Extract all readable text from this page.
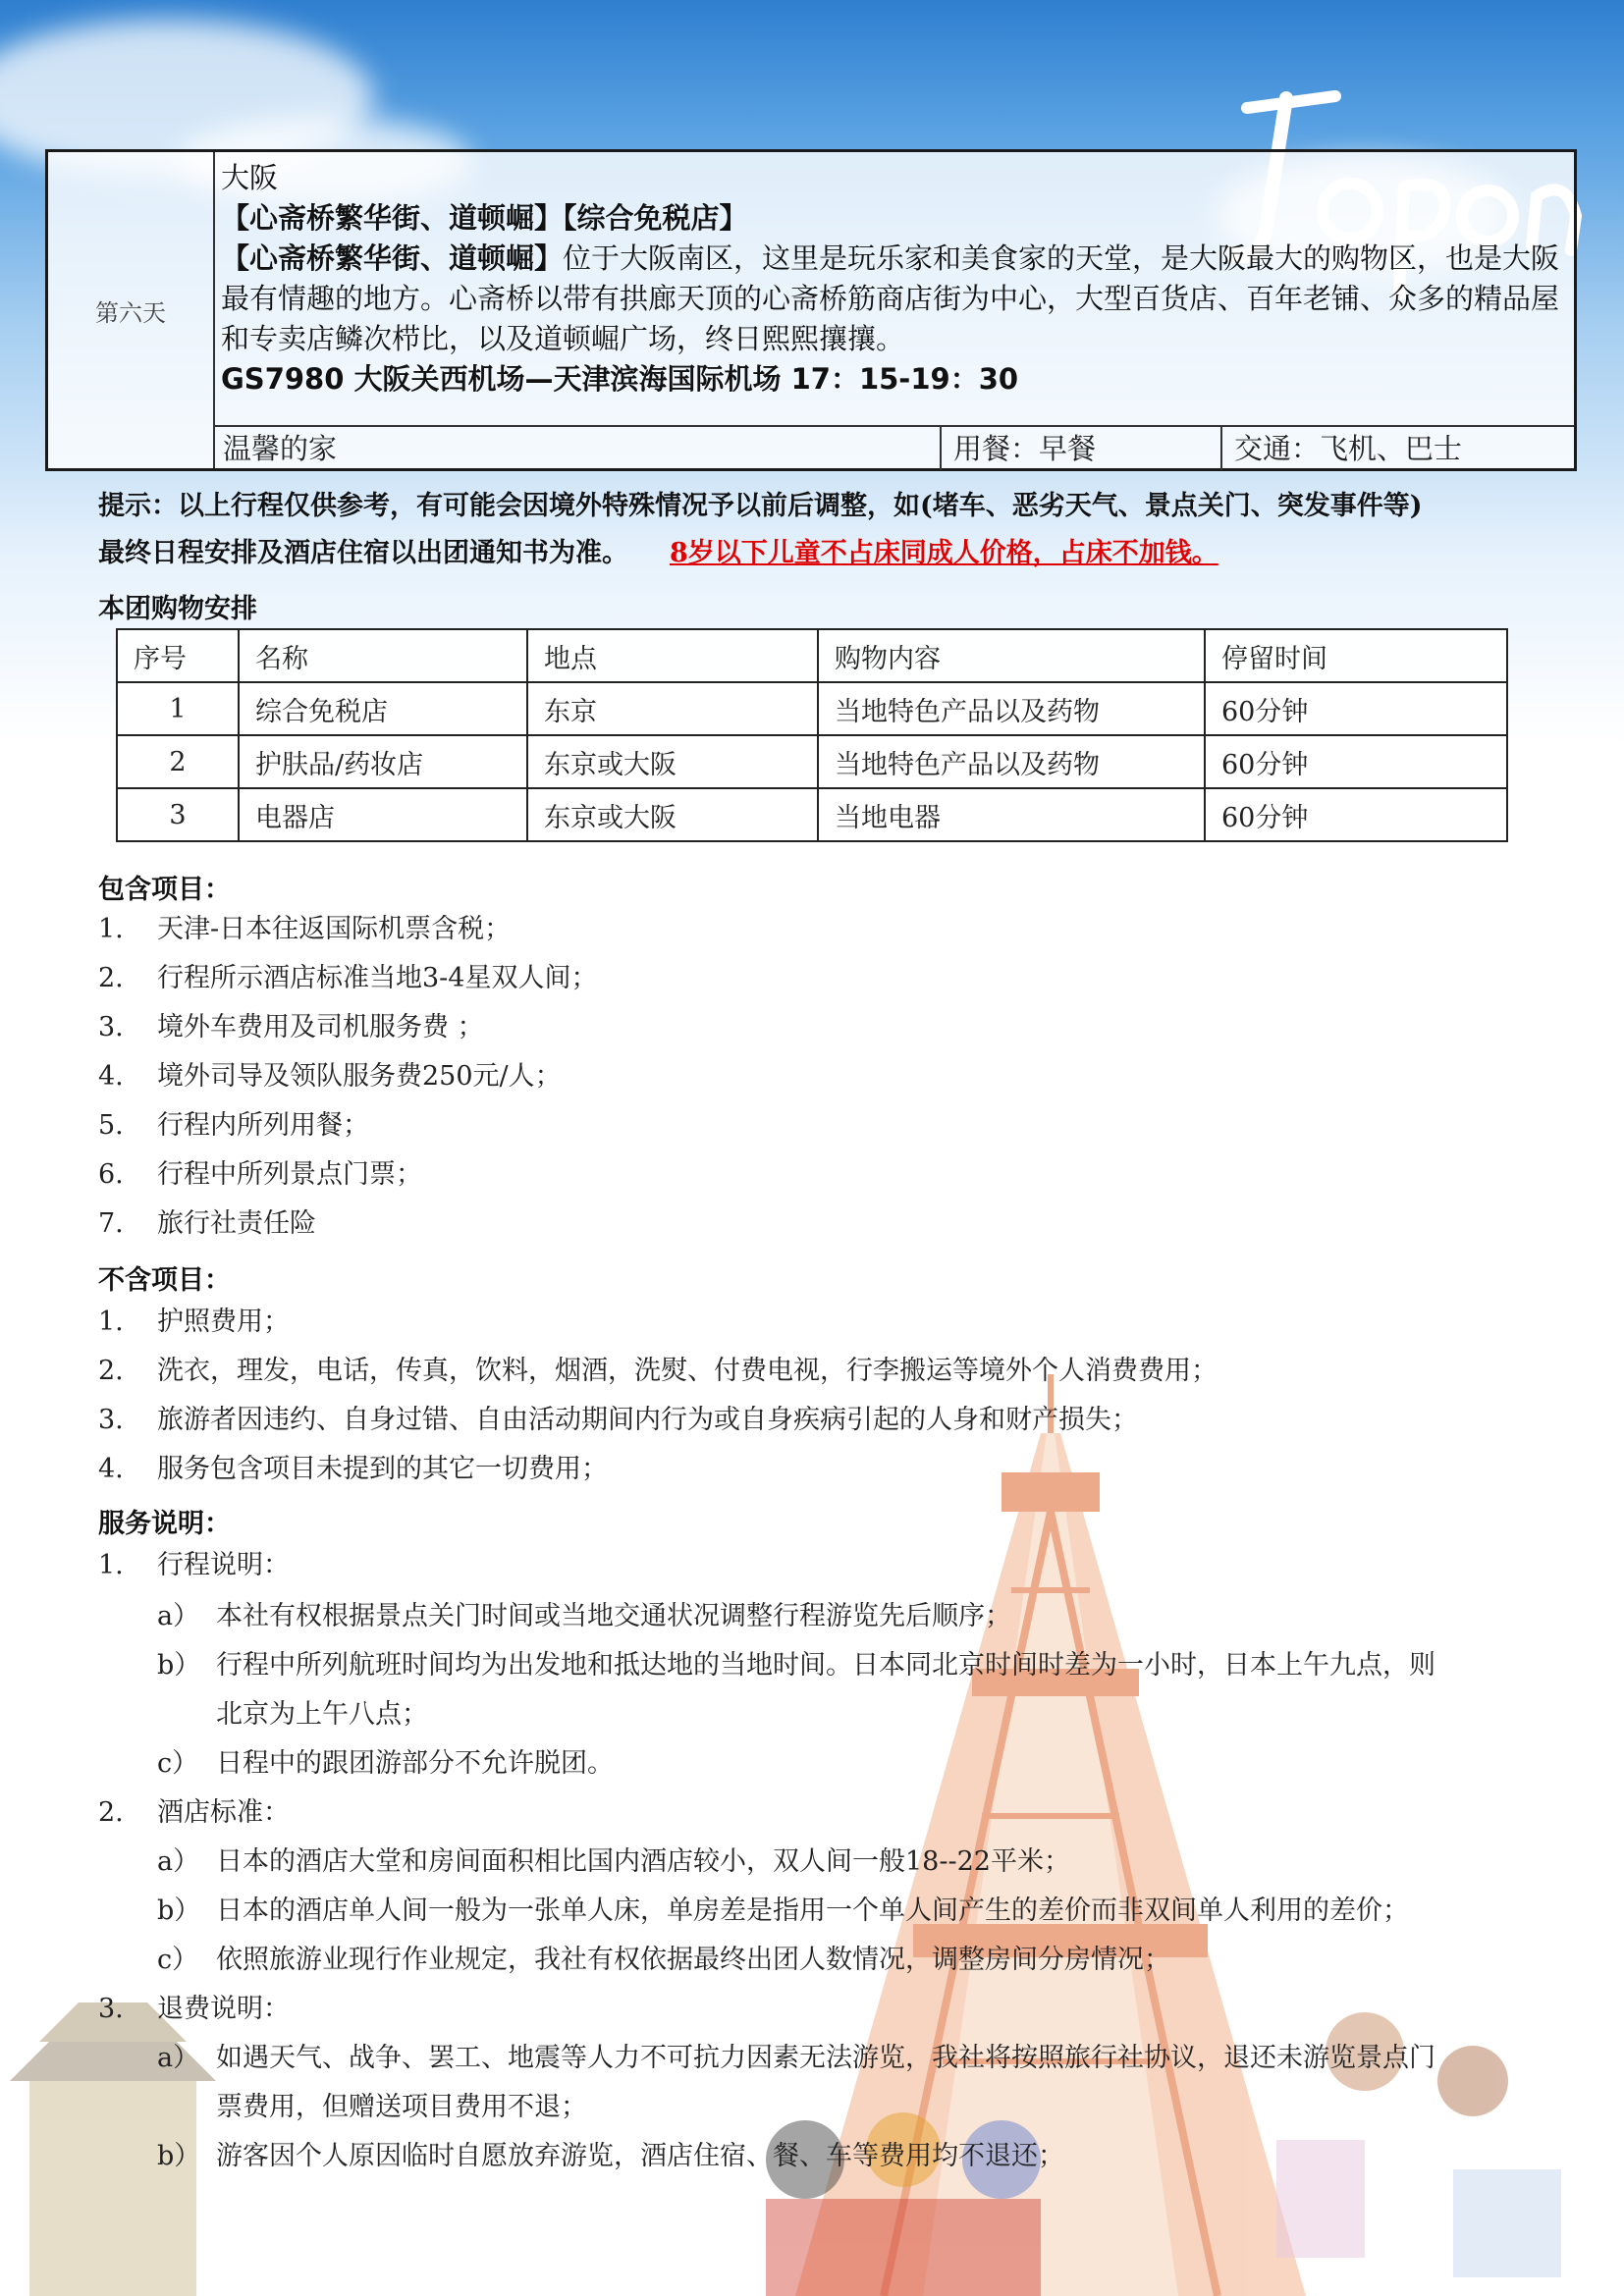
第六天
大阪
【心斋桥繁华街、道顿崛】【综合免税店】
【心斋桥繁华街、道顿崛】位于大阪南区，这里是玩乐家和美食家的天堂，是大阪最大的购物区，也是大阪
最有情趣的地方。心斋桥以带有拱廊天顶的心斋桥筋商店街为中心，大型百货店、百年老铺、众多的精品屋
和专卖店鳞次栉比，以及道顿崛广场，终日熙熙攘攘。
GS7980 大阪关西机场—天津滨海国际机场 17：15-19：30
温馨的家	用餐：早餐	交通：飞机、巴士
提示：以上行程仅供参考，有可能会因境外特殊情况予以前后调整，如(堵车、恶劣天气、景点关门、突发事件等)
最终日程安排及酒店住宿以出团通知书为准。 8岁以下儿童不占床同成人价格，占床不加钱。
本团购物安排
序号	名称	地点	购物内容	停留时间
1	综合免税店	东京	当地特色产品以及药物	60分钟
2	护肤品/药妆店	东京或大阪	当地特色产品以及药物	60分钟
3	电器店	东京或大阪	当地电器	60分钟
包含项目：
1. 天津-日本往返国际机票含税；
2. 行程所示酒店标准当地3-4星双人间；
3. 境外车费用及司机服务费 ；
4. 境外司导及领队服务费250元/人；
5. 行程内所列用餐；
6. 行程中所列景点门票；
7. 旅行社责任险
不含项目：
1. 护照费用；
2. 洗衣，理发，电话，传真，饮料，烟酒，洗熨、付费电视，行李搬运等境外个人消费费用；
3. 旅游者因违约、自身过错、自由活动期间内行为或自身疾病引起的人身和财产损失；
4. 服务包含项目未提到的其它一切费用；
服务说明：
1. 行程说明：
a） 本社有权根据景点关门时间或当地交通状况调整行程游览先后顺序；
b） 行程中所列航班时间均为出发地和抵达地的当地时间。日本同北京时间时差为一小时，日本上午九点，则
北京为上午八点；
c） 日程中的跟团游部分不允许脱团。
2. 酒店标准：
a） 日本的酒店大堂和房间面积相比国内酒店较小，双人间一般18--22平米；
b） 日本的酒店单人间一般为一张单人床，单房差是指用一个单人间产生的差价而非双间单人利用的差价；
c） 依照旅游业现行作业规定，我社有权依据最终出团人数情况，调整房间分房情况；
3. 退费说明：
a） 如遇天气、战争、罢工、地震等人力不可抗力因素无法游览，我社将按照旅行社协议，退还未游览景点门
票费用，但赠送项目费用不退；
b） 游客因个人原因临时自愿放弃游览，酒店住宿、餐、车等费用均不退还；
